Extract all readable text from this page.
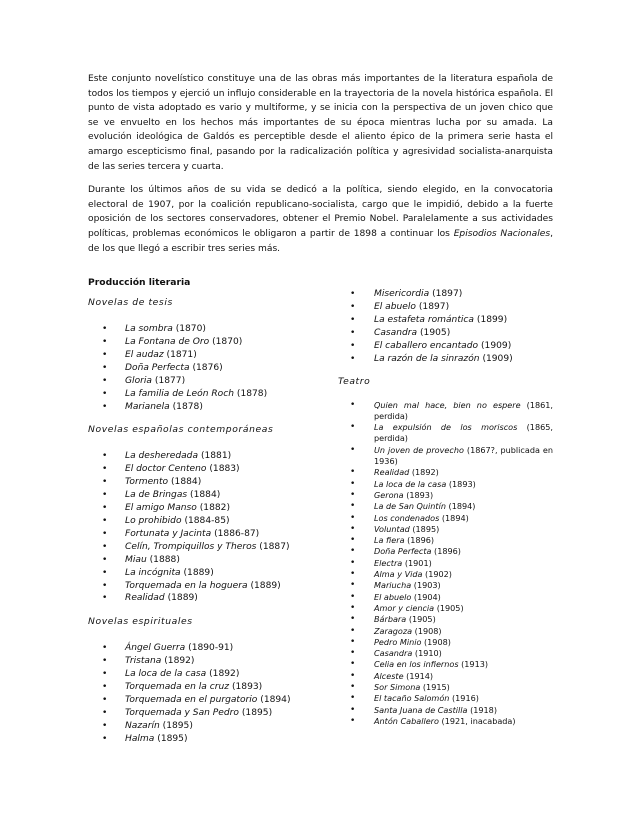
Este conjunto novelístico constituye una de las obras más importantes de la literatura española de todos los tiempos y ejerció un influjo considerable en la trayectoria de la novela histórica española. El punto de vista adoptado es vario y multiforme, y se inicia con la perspectiva de un joven chico que se ve envuelto en los hechos más importantes de su época mientras lucha por su amada. La evolución ideológica de Galdós es perceptible desde el aliento épico de la primera serie hasta el amargo escepticismo final, pasando por la radicalización política y agresividad socialista-anarquista de las series tercera y cuarta.

Durante los últimos años de su vida se dedicó a la política, siendo elegido, en la convocatoria electoral de 1907, por la coalición republicano-socialista, cargo que le impidió, debido a la fuerte oposición de los sectores conservadores, obtener el Premio Nobel. Paralelamente a sus actividades políticas, problemas económicos le obligaron a partir de 1898 a continuar los Episodios Nacionales, de los que llegó a escribir tres series más.

Producción literaria

Novelas de tesis

• La sombra (1870)
• La Fontana de Oro (1870)
• El audaz (1871)
• Doña Perfecta (1876)
• Gloria (1877)
• La familia de León Roch (1878)
• Marianela (1878)

Novelas españolas contemporáneas

• La desheredada (1881)
• El doctor Centeno (1883)
• Tormento (1884)
• La de Bringas (1884)
• El amigo Manso (1882)
• Lo prohibido (1884-85)
• Fortunata y Jacinta (1886-87)
• Celín, Trompiquillos y Theros (1887)
• Miau (1888)
• La incógnita (1889)
• Torquemada en la hoguera (1889)
• Realidad (1889)

Novelas espirituales

• Ángel Guerra (1890-91)
• Tristana (1892)
• La loca de la casa (1892)
• Torquemada en la cruz (1893)
• Torquemada en el purgatorio (1894)
• Torquemada y San Pedro (1895)
• Nazarín (1895)
• Halma (1895)
• Misericordia (1897)
• El abuelo (1897)
• La estafeta romántica (1899)
• Casandra (1905)
• El caballero encantado (1909)
• La razón de la sinrazón (1909)

Teatro

• Quien mal hace, bien no espere (1861, perdida)
• La expulsión de los moriscos (1865, perdida)
• Un joven de provecho (1867?, publicada en 1936)
• Realidad (1892)
• La loca de la casa (1893)
• Gerona (1893)
• La de San Quintín (1894)
• Los condenados (1894)
• Voluntad (1895)
• La fiera (1896)
• Doña Perfecta (1896)
• Electra (1901)
• Alma y Vida (1902)
• Mariucha (1903)
• El abuelo (1904)
• Amor y ciencia (1905)
• Bárbara (1905)
• Zaragoza (1908)
• Pedro Minio (1908)
• Casandra (1910)
• Celia en los infiernos (1913)
• Alceste (1914)
• Sor Simona (1915)
• El tacaño Salomón (1916)
• Santa Juana de Castilla (1918)
• Antón Caballero (1921, inacabada)
